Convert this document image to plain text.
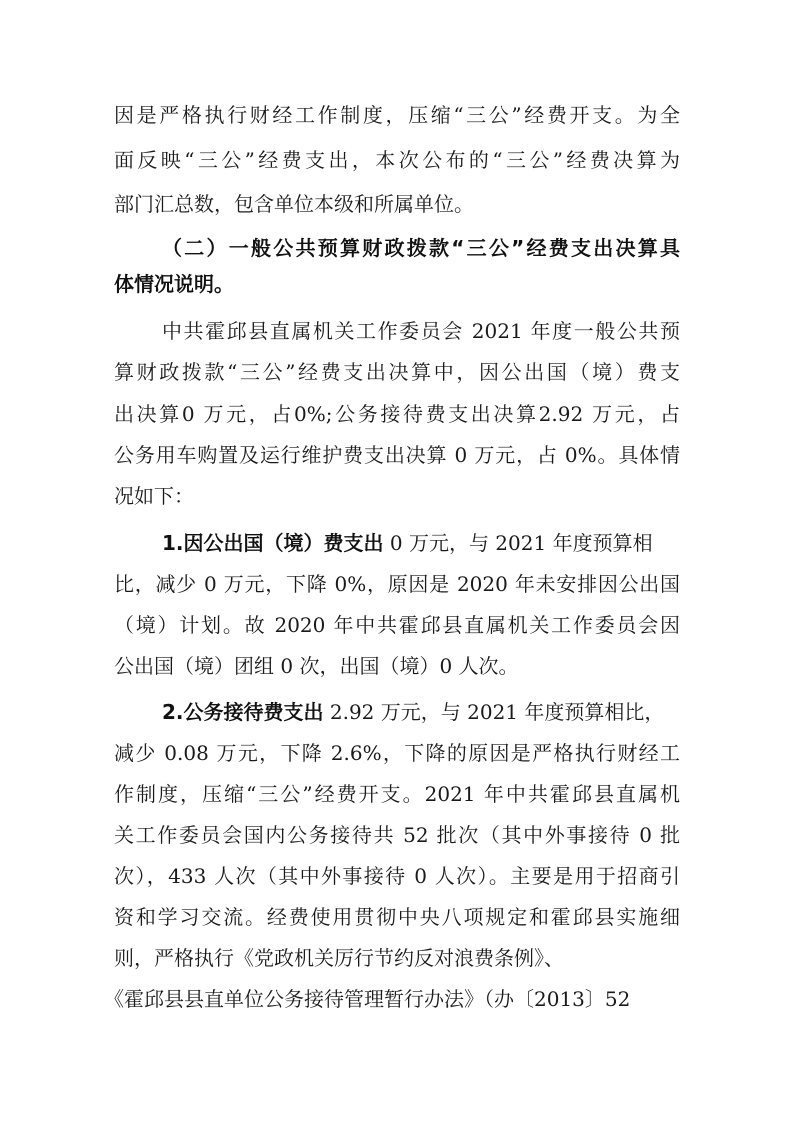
因是严格执行财经工作制度，压缩“三公”经费开支。为全
面反映“三公”经费支出，本次公布的“三公”经费决算为
部门汇总数，包含单位本级和所属单位。
（二）一般公共预算财政拨款“三公”经费支出决算具
体情况说明。
中共霍邱县直属机关工作委员会 2021 年度一般公共预
算财政拨款“三公”经费支出决算中，因公出国（境）费支
出决算0 万元，占0%;公务接待费支出决算2.92 万元，占
公务用车购置及运行维护费支出决算 0 万元，占 0%。具体情
况如下：
1.因公出国（境）费支出 0 万元，与 2021 年度预算相
比，减少 0 万元，下降 0%，原因是 2020 年未安排因公出国
（境）计划。故 2020 年中共霍邱县直属机关工作委员会因
公出国（境）团组 0 次，出国（境）0 人次。
2.公务接待费支出 2.92 万元，与 2021 年度预算相比，
减少 0.08 万元，下降 2.6%，下降的原因是严格执行财经工
作制度，压缩“三公”经费开支。2021 年中共霍邱县直属机
关工作委员会国内公务接待共 52 批次（其中外事接待 0 批
次），433 人次（其中外事接待 0 人次）。主要是用于招商引
资和学习交流。经费使用贯彻中央八项规定和霍邱县实施细
则，严格执行《党政机关厉行节约反对浪费条例》、
《霍邱县县直单位公务接待管理暂行办法》（办〔2013〕52
